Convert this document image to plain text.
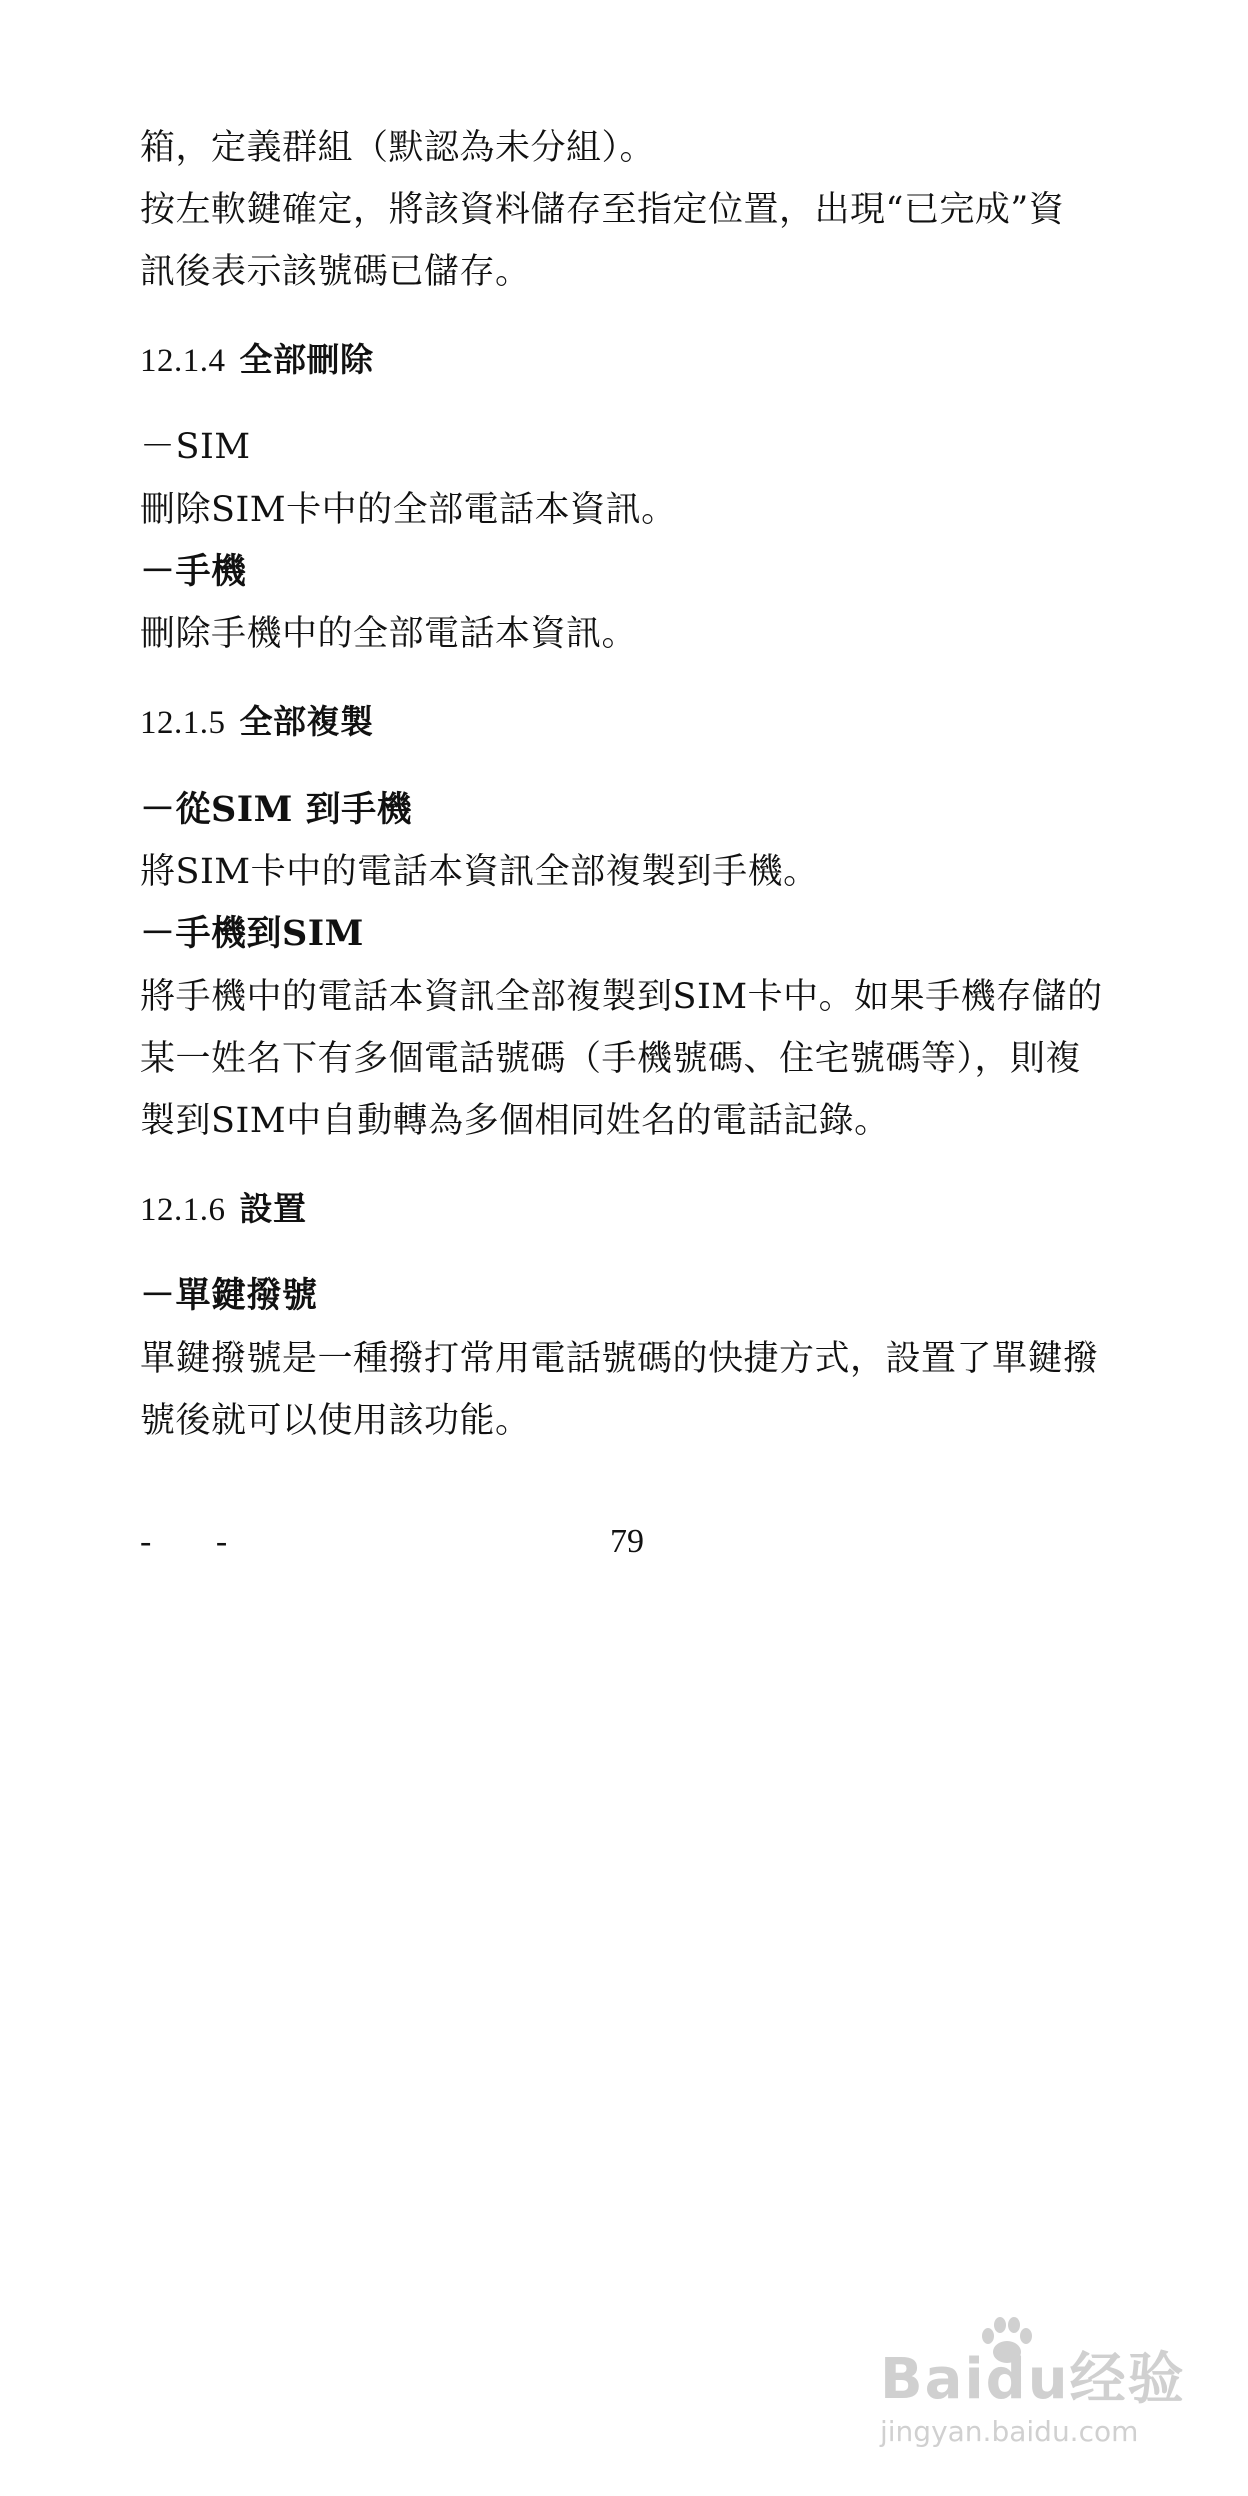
箱，定義群組（默認為未分組）。
按左軟鍵確定，將該資料儲存至指定位置，出現“已完成”資
訊後表示該號碼已儲存。
12.1.4 全部刪除
－SIM
刪除SIM卡中的全部電話本資訊。
－手機
刪除手機中的全部電話本資訊。
12.1.5 全部複製
－從SIM 到手機
將SIM卡中的電話本資訊全部複製到手機。
－手機到SIM
將手機中的電話本資訊全部複製到SIM卡中。如果手機存儲的
某一姓名下有多個電話號碼（手機號碼、住宅號碼等），則複
製到SIM中自動轉為多個相同姓名的電話記錄。
12.1.6 設置
－單鍵撥號
單鍵撥號是一種撥打常用電話號碼的快捷方式，設置了單鍵撥
號後就可以使用該功能。
- -	79
Baidu经验
jingyan.baidu.com
